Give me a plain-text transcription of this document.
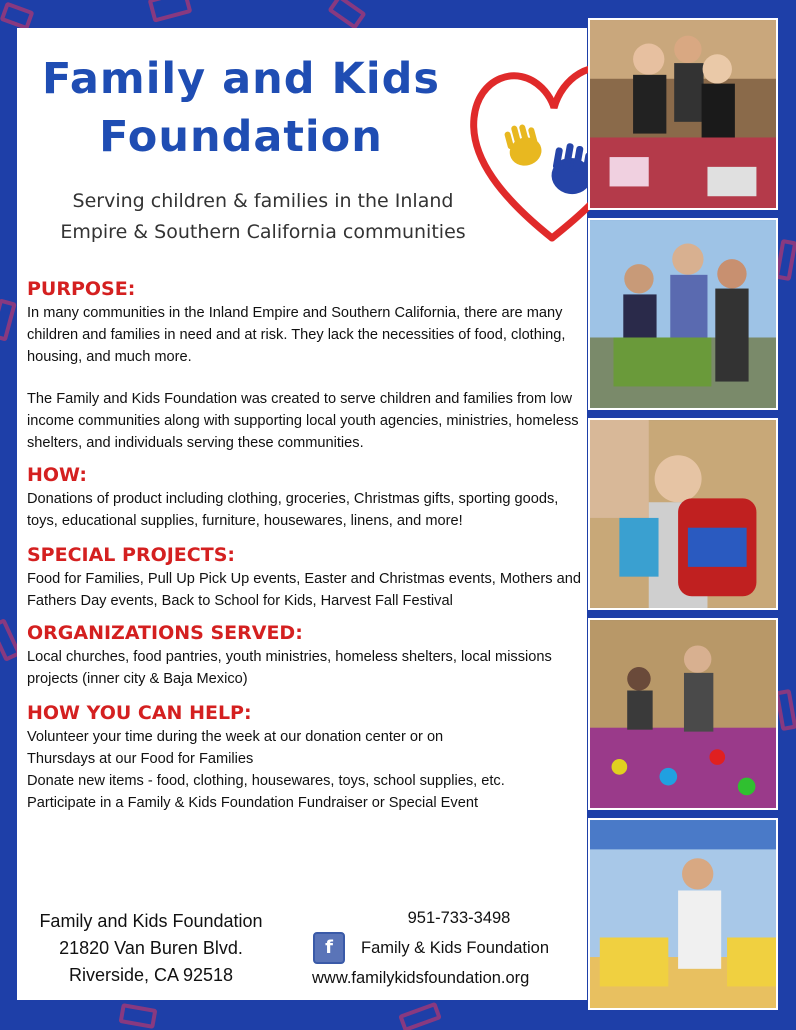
Family and Kids
Foundation
Serving children & families in the Inland
Empire & Southern California communities
PURPOSE:
In many communities in the Inland Empire and Southern California, there are many children and families in need and at risk. They lack the necessities of food, clothing, housing, and much more.
The Family and Kids Foundation was created to serve children and families from low income communities along with supporting local youth agencies, ministries, homeless shelters, and individuals serving these communities.
HOW:
Donations of product including clothing, groceries, Christmas gifts, sporting goods, toys, educational supplies, furniture, housewares, linens, and more!
SPECIAL PROJECTS:
Food for Families, Pull Up Pick Up events, Easter and Christmas events, Mothers and Fathers Day events, Back to School for Kids, Harvest Fall Festival
ORGANIZATIONS SERVED:
Local churches, food pantries, youth ministries, homeless shelters, local missions projects (inner city & Baja Mexico)
HOW YOU CAN HELP:
Volunteer your time during the week at our donation center or on
Thursdays at our Food for Families
Donate new items - food, clothing, housewares, toys, school supplies, etc.
Participate in a Family & Kids Foundation Fundraiser or Special Event
Family and Kids Foundation
21820 Van Buren Blvd.
Riverside, CA 92518
951-733-3498
f	Family & Kids Foundation
www.familykidsfoundation.org
